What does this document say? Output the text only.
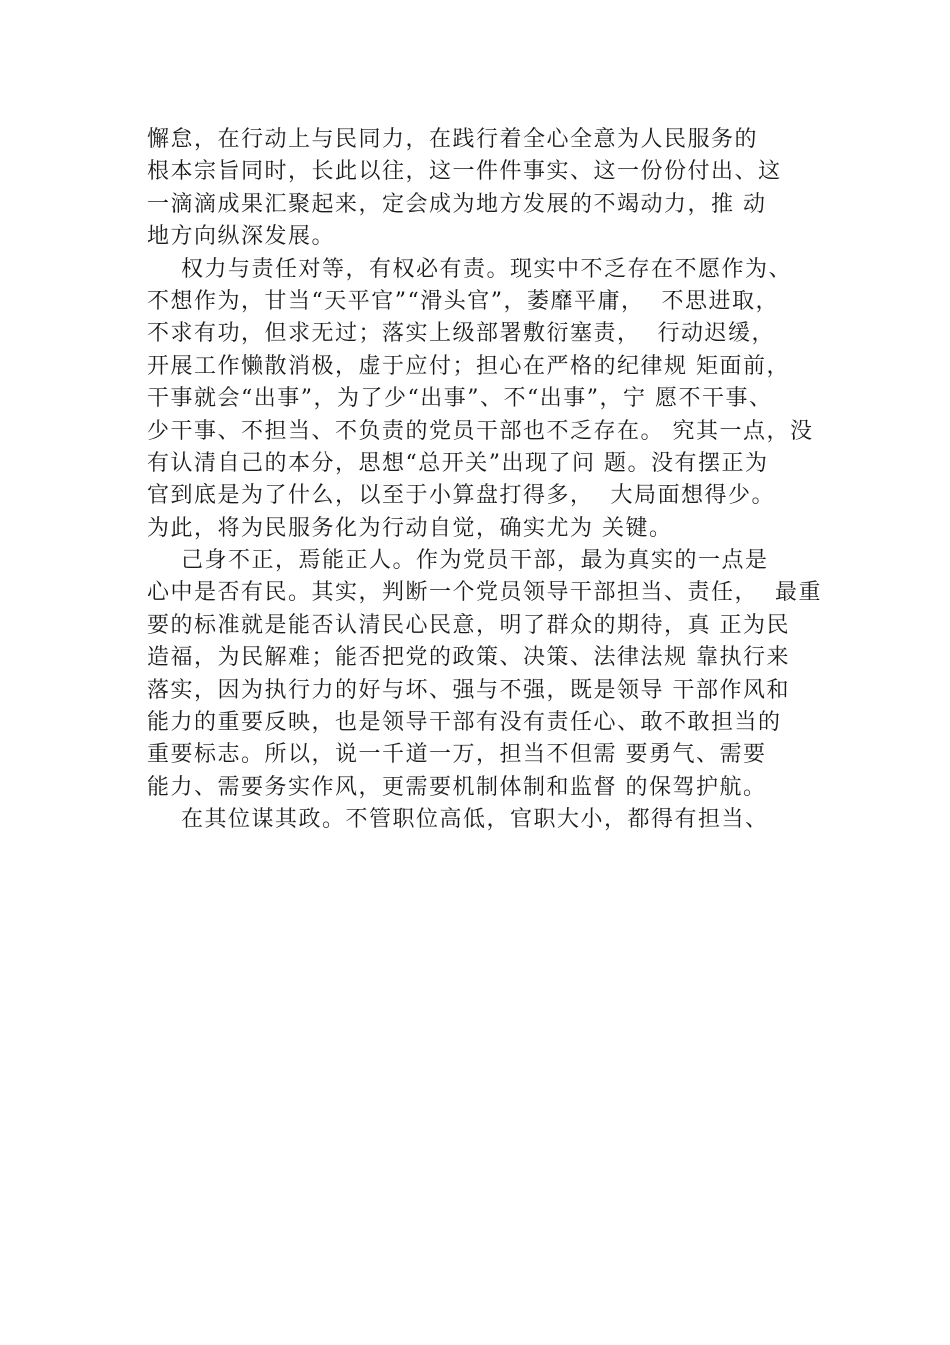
懈怠，在行动上与民同力，在践行着全心全意为人民服务的
根本宗旨同时，长此以往，这一件件事实、这一份份付出、这
一滴滴成果汇聚起来，定会成为地方发展的不竭动力，推 动
地方向纵深发展。
权力与责任对等，有权必有责。现实中不乏存在不愿作为、
不想作为，甘当“天平官”“滑头官”，萎靡平庸，  不思进取，
不求有功，但求无过；落实上级部署敷衍塞责，  行动迟缓，
开展工作懒散消极，虚于应付；担心在严格的纪律规 矩面前，
干事就会“出事”，为了少“出事”、不“出事”，宁 愿不干事、
少干事、不担当、不负责的党员干部也不乏存在。 究其一点，没
有认清自己的本分，思想“总开关”出现了问 题。没有摆正为
官到底是为了什么，以至于小算盘打得多，  大局面想得少。
为此，将为民服务化为行动自觉，确实尤为 关键。
己身不正，焉能正人。作为党员干部，最为真实的一点是
心中是否有民。其实，判断一个党员领导干部担当、责任，  最重
要的标准就是能否认清民心民意，明了群众的期待，真 正为民
造福，为民解难；能否把党的政策、决策、法律法规 靠执行来
落实，因为执行力的好与坏、强与不强，既是领导 干部作风和
能力的重要反映，也是领导干部有没有责任心、敢不敢担当的
重要标志。所以，说一千道一万，担当不但需 要勇气、需要
能力、需要务实作风，更需要机制体制和监督 的保驾护航。
在其位谋其政。不管职位高低，官职大小，都得有担当、
